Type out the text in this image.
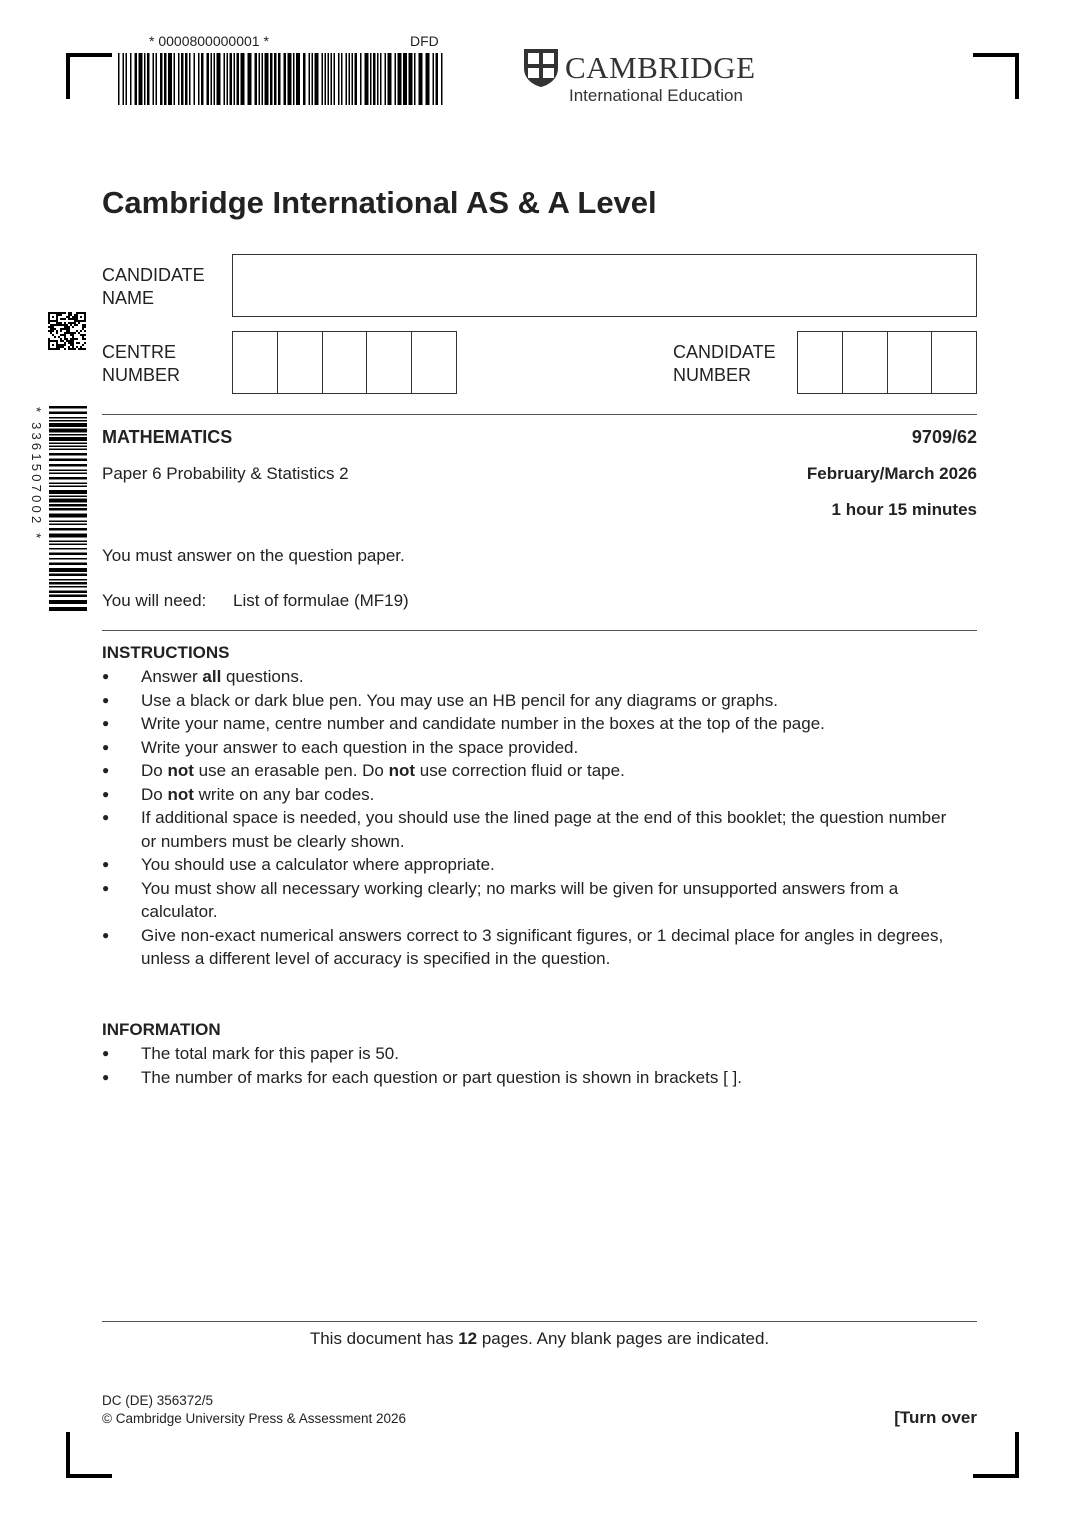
* 0000800000001 *	DFD
CAMBRIDGE
International Education
Cambridge International AS & A Level
CANDIDATE
NAME
CENTRE
NUMBER
CANDIDATE
NUMBER
* 3361507002 *	MATHEMATICS	9709/62
Paper 6 Probability & Statistics 2	February/March 2026
1 hour 15 minutes
You must answer on the question paper.
You will need: List of formulae (MF19)
INSTRUCTIONS
● Answer all questions.
● Use a black or dark blue pen. You may use an HB pencil for any diagrams or graphs.
● Write your name, centre number and candidate number in the boxes at the top of the page.
● Write your answer to each question in the space provided.
● Do not use an erasable pen. Do not use correction fluid or tape.
● Do not write on any bar codes.
● If additional space is needed, you should use the lined page at the end of this booklet; the question number or numbers must be clearly shown.
● You should use a calculator where appropriate.
● You must show all necessary working clearly; no marks will be given for unsupported answers from a calculator.
● Give non-exact numerical answers correct to 3 significant figures, or 1 decimal place for angles in degrees, unless a different level of accuracy is specified in the question.
INFORMATION
● The total mark for this paper is 50.
● The number of marks for each question or part question is shown in brackets [ ].
This document has 12 pages. Any blank pages are indicated.
DC (DE) 356372/5
© Cambridge University Press & Assessment 2026	[Turn over
